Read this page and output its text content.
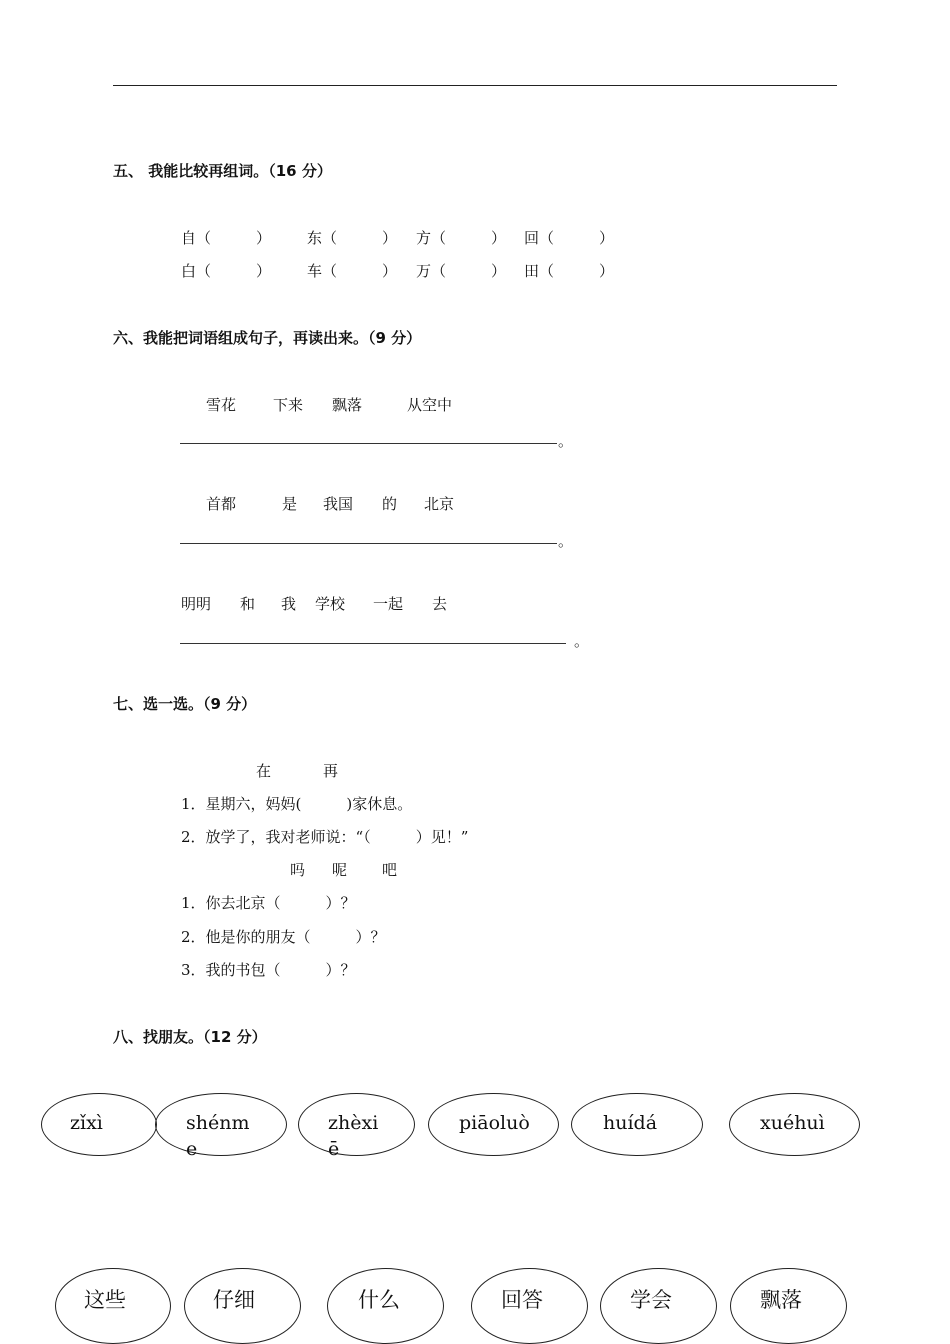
五、 我能比较再组词。（16 分）
自（　　　） 东（　　　） 方（　　　） 回（　　　）
白（　　　） 车（　　　） 万（　　　） 田（　　　）
六、我能把词语组成句子，再读出来。（9 分）
雪花 下来 飘落	从空中
。
首都	是 我国 的 北京
。
明明 和 我 学校 一起 去
。
七、选一选。（9 分）
在	再
1．星期六，妈妈(　　　)家休息。
2．放学了，我对老师说：“（　　　）见！”
吗 呢 吧
1．你去北京（　　　）？
2．他是你的朋友（　　　）？
3．我的书包（　　　）？
八、找朋友。（12 分）
zǐxì	shénme
zhèxiē
piāoluò	huídá	xuéhuì
这些	仔细	什么	回答	学会	飘落
